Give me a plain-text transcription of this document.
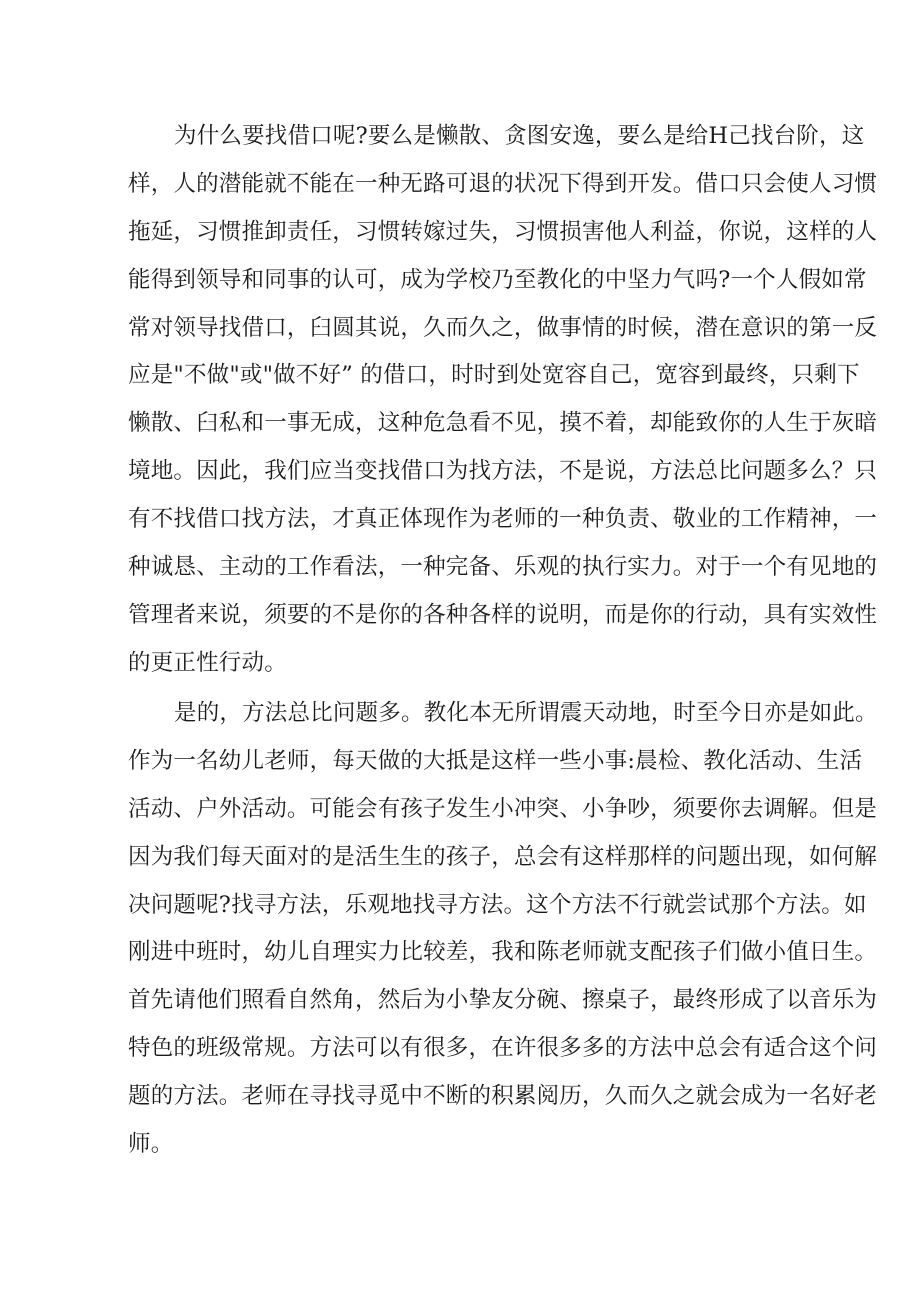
为什么要找借口呢?要么是懒散、贪图安逸，要么是给H己找台阶，这
样，人的潜能就不能在一种无路可退的状况下得到开发。借口只会使人习惯
拖延，习惯推卸责任，习惯转嫁过失，习惯损害他人利益，你说，这样的人
能得到领导和同事的认可，成为学校乃至教化的中坚力气吗?一个人假如常
常对领导找借口，臼圆其说，久而久之，做事情的时候，潜在意识的第一反
应是"不做"或"做不好” 的借口，时时到处宽容自己，宽容到最终，只剩下
懒散、臼私和一事无成，这种危急看不见，摸不着，却能致你的人生于灰暗
境地。因此，我们应当变找借口为找方法，不是说，方法总比问题多么？只
有不找借口找方法，才真正体现作为老师的一种负责、敬业的工作精神，一
种诚恳、主动的工作看法，一种完备、乐观的执行实力。对于一个有见地的
管理者来说，须要的不是你的各种各样的说明，而是你的行动，具有实效性
的更正性行动。
是的，方法总比问题多。教化本无所谓震天动地，时至今日亦是如此。
作为一名幼儿老师，每天做的大抵是这样一些小事:晨检、教化活动、生活
活动、户外活动。可能会有孩子发生小冲突、小争吵，须要你去调解。但是
因为我们每天面对的是活生生的孩子，总会有这样那样的问题出现，如何解
决问题呢?找寻方法，乐观地找寻方法。这个方法不行就尝试那个方法。如
刚进中班时，幼儿自理实力比较差，我和陈老师就支配孩子们做小值日生。
首先请他们照看自然角，然后为小挚友分碗、擦桌子，最终形成了以音乐为
特色的班级常规。方法可以有很多，在许很多多的方法中总会有适合这个问
题的方法。老师在寻找寻觅中不断的积累阅历，久而久之就会成为一名好老
师。
